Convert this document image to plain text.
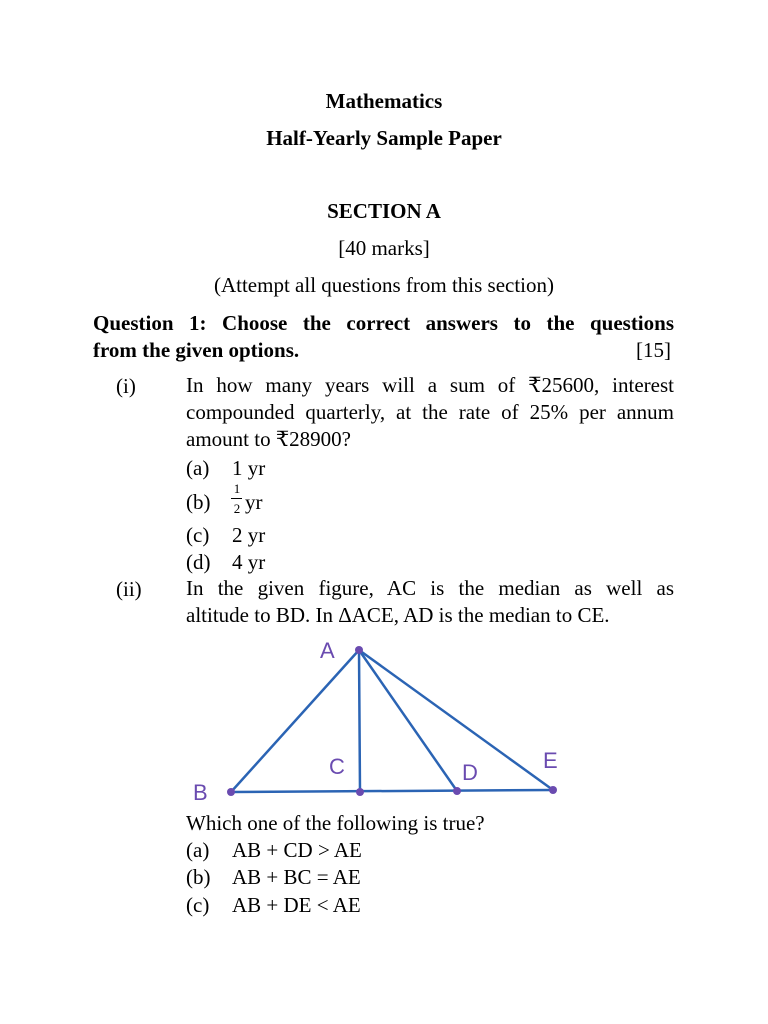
Mathematics
Half-Yearly Sample Paper
SECTION A
[40 marks]
(Attempt all questions from this section)
Question 1: Choose the correct answers to the questions
from the given options.	[15]
(i) In how many years will a sum of ₹25600, interest
compounded quarterly, at the rate of 25% per annum
amount to ₹28900?
(a) 1 yr
(b)
1
2 yr
(c) 2 yr
(d) 4 yr
(ii) In the given figure, AC is the median as well as
altitude to BD. In ΔACE, AD is the median to CE.
A
B
C	D	E
Which one of the following is true?
(a) AB + CD > AE
(b) AB + BC = AE
(c) AB + DE < AE
